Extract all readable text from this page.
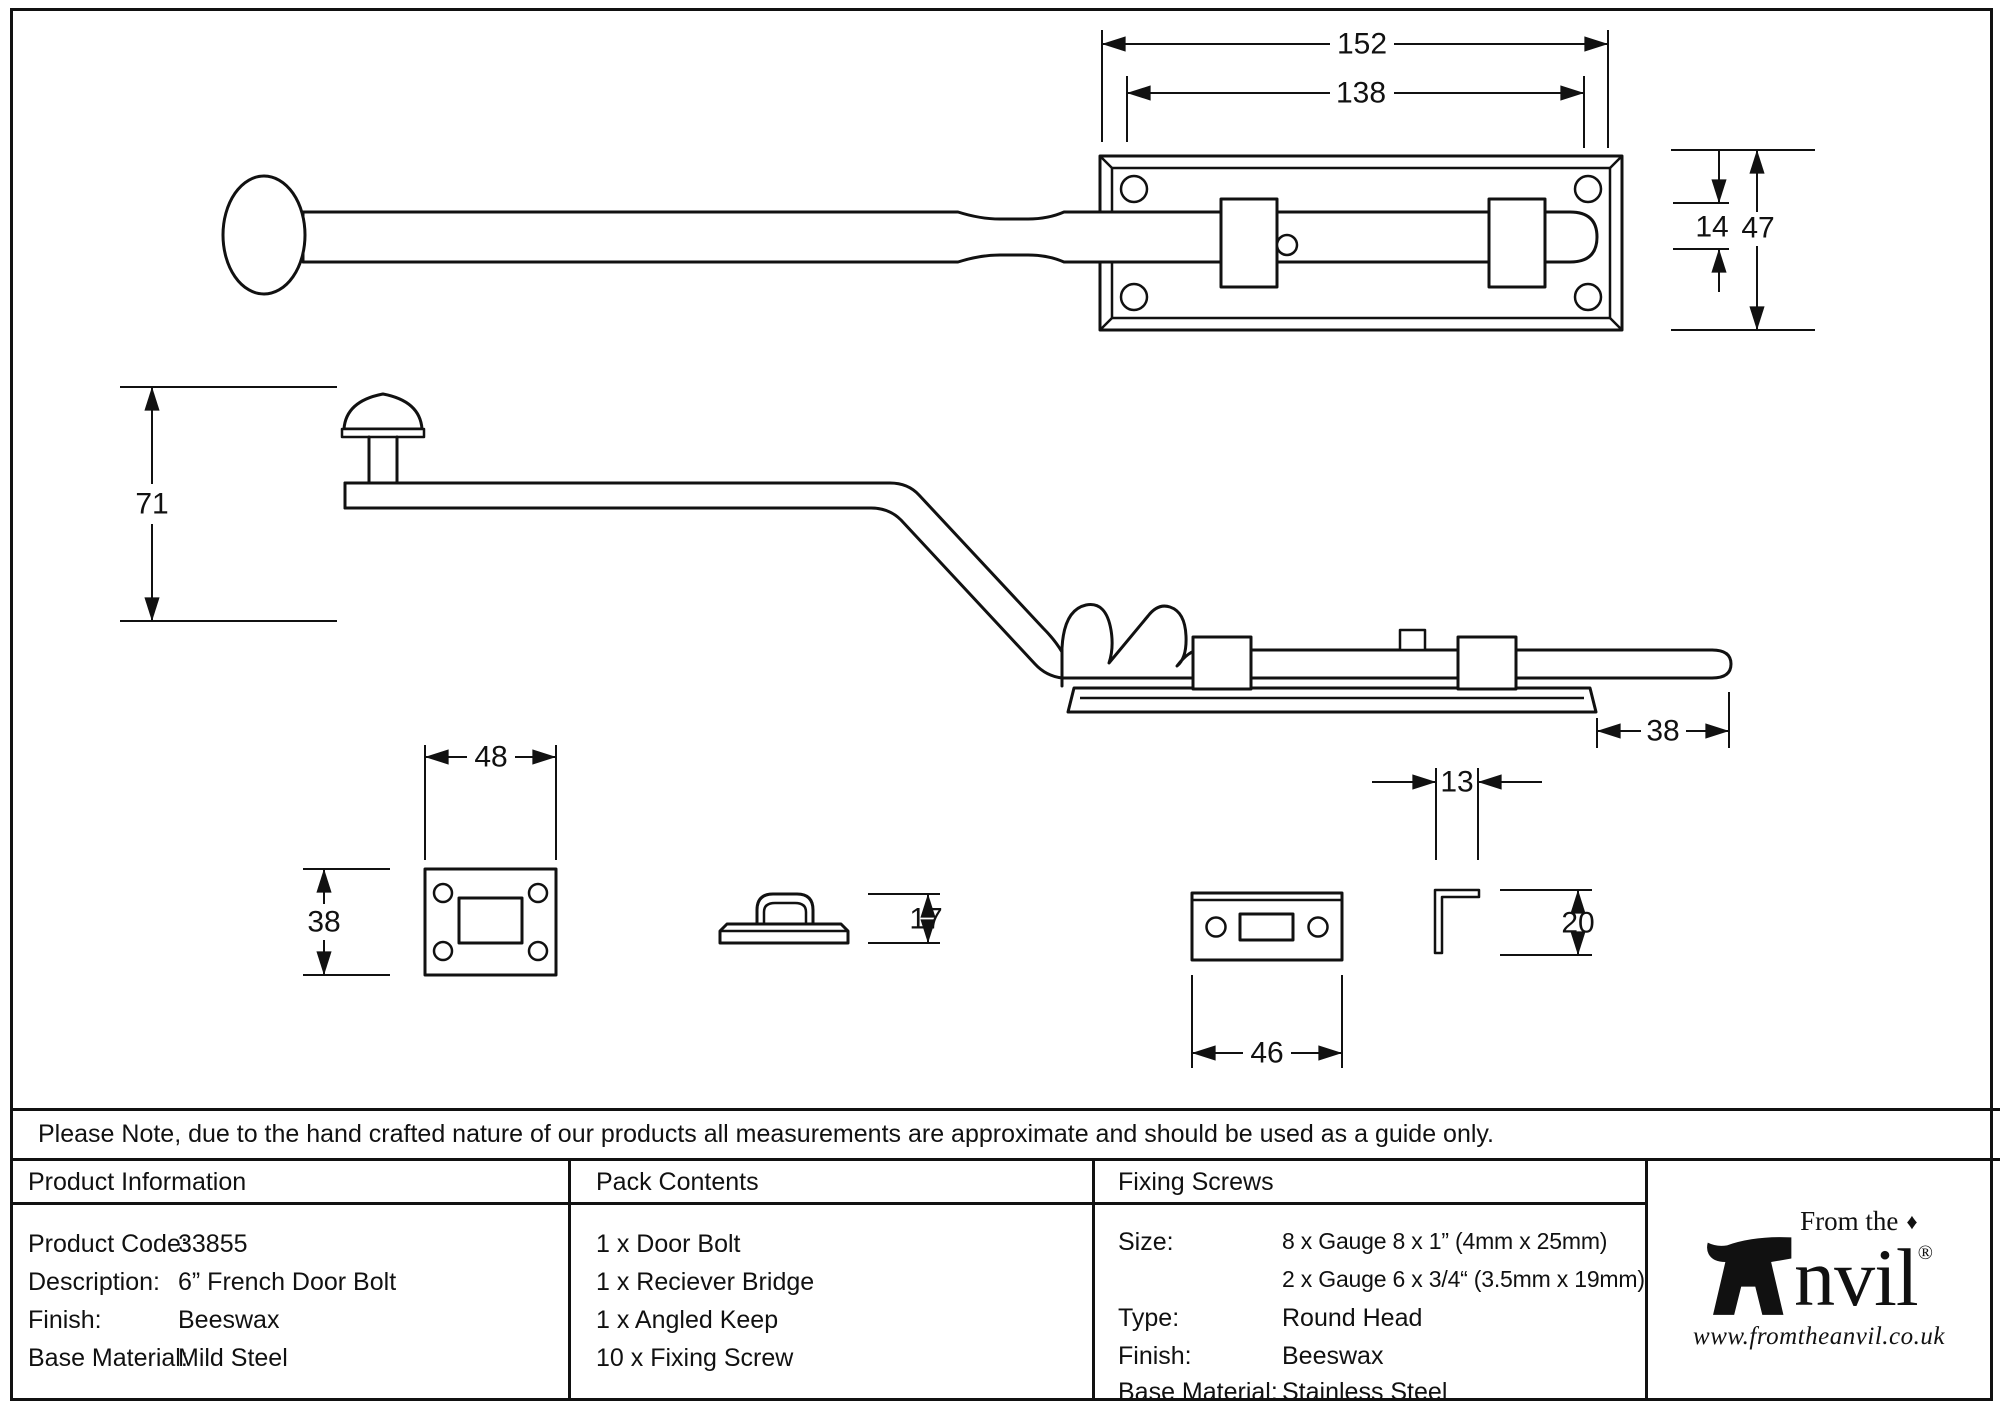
152
138
14 47
71
38
48
38	17
46
13
20
Please Note, due to the hand crafted nature of our products all measurements are approximate and should be used as a guide only.
Product Information	Pack Contents	Fixing Screws
Product Code:
33855
Description: 6” French Door Bolt
Finish:	Beeswax
Base Material:
Mild Steel
1 x Door Bolt
1 x Reciever Bridge
1 x Angled Keep
10 x Fixing Screw
Size:	8 x Gauge 8 x 1” (4mm x 25mm)
2 x Gauge 6 x 3/4“ (3.5mm x 19mm)
Type:	Round Head
Finish:	Beeswax
Base Material: Stainless Steel
From the ♦
nvil®
www.fromtheanvil.co.uk
